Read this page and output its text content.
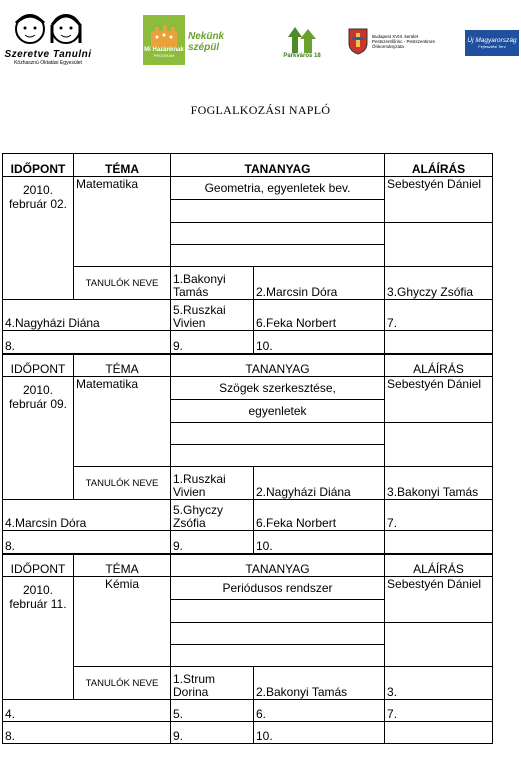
Szeretve Tanulni
Közhasznú Oktatási Egyesület
Mi Hazánknak
PROGRAM
Nekünk szépül
Parkváros 18
Budapest XVIII. kerület
Pestszentlőrinc - Pestszentimre
Önkormányzata
Új Magyarország
Fejlesztési Terv
FOGLALKOZÁSI NAPLÓ
IDŐPONT	TÉMA	TANANYAG		ALÁÍRÁS
2010. február 02.	Matematika	Geometria, egyenletek bev.		Sebestyén Dániel

	TANULÓK NEVE	1.Bakonyi Tamás	2.Marcsin Dóra	3.Ghyczy Zsófia
4.Nagyházi Diána		5.Ruszkai Vivien	6.Feka Norbert	7.
8.		9.	10.	
IDŐPONT	TÉMA	TANANYAG		ALÁÍRÁS
2010. február 09.	Matematika	Szögek szerkesztése,		Sebestyén Dániel
		egyenletek		

	TANULÓK NEVE	1.Ruszkai Vivien	2.Nagyházi Diána	3.Bakonyi Tamás
4.Marcsin Dóra		5.Ghyczy Zsófia	6.Feka Norbert	7.
8.		9.	10.	
IDŐPONT	TÉMA	TANANYAG		ALÁÍRÁS
2010. február 11.	Kémia	Periódusos rendszer		Sebestyén Dániel

	TANULÓK NEVE	1.Strum Dorina	2.Bakonyi Tamás	3.
4.		5.	6.	7.
8.		9.	10.	
